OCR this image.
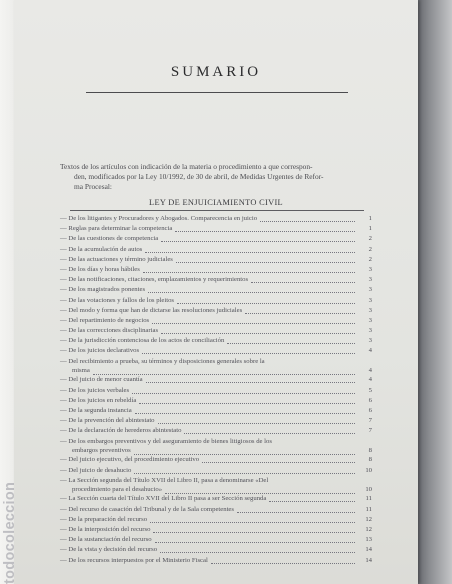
SUMARIO
Textos de los artículos con indicación de la materia o procedimiento a que correspon-
den, modificados por la Ley 10/1992, de 30 de abril, de Medidas Urgentes de Refor-
ma Procesal:
LEY DE ENJUICIAMIENTO CIVIL
— De los litigantes y Procuradores y Abogados. Comparecencia en juicio	1
— Reglas para determinar la competencia	1
— De las cuestiones de competencia	2
— De la acumulación de autos	2
— De las actuaciones y término judiciales	2
— De los días y horas hábiles	3
— De las notificaciones, citaciones, emplazamientos y requerimientos	3
— De los magistrados ponentes	3
— De las votaciones y fallos de los pleitos	3
— Del modo y forma que han de dictarse las resoluciones judiciales	3
— Del repartimiento de negocios	3
— De las correcciones disciplinarias	3
— De la jurisdicción contenciosa de los actos de conciliación	3
— De los juicios declarativos	4
— Del recibimiento a prueba, su términos y disposiciones generales sobre la
misma	4
— Del juicio de menor cuantía	4
— De los juicios verbales	5
— De los juicios en rebeldía	6
— De la segunda instancia	6
— De la prevención del abintestato	7
— De la declaración de herederos abintestato	7
— De los embargos preventivos y del aseguramiento de bienes litigiosos de los
embargos preventivos	8
— Del juicio ejecutivo, del procedimiento ejecutivo	8
— Del juicio de desahucio	10
— La Sección segunda del Título XVII del Libro II, pasa a denominarse «Del
procedimiento para el desahucio»	10
— La Sección cuarta del Título XVII del Libro II pasa a ser Sección segunda	11
— Del recurso de casación del Tribunal y de la Sala competentes	11
— De la preparación del recurso	12
— De la interposición del recurso	12
— De la sustanciación del recurso	13
— De la vista y decisión del recurso	14
— De los recursos interpuestos por el Ministerio Fiscal	14
todocoleccion
